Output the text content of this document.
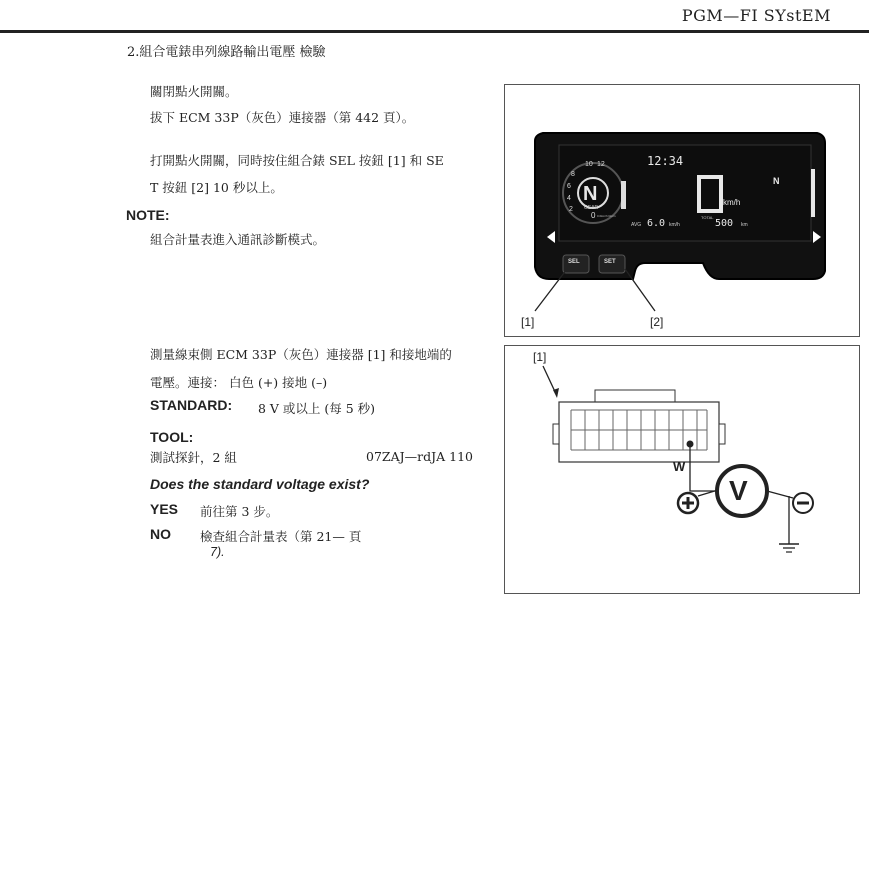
PGM—FI SYstEM
2.組合電錶串列線路輸出電壓 檢驗
關閉點火開關。
拔下 ECM 33P（灰色）連接器（第 442 頁）。
打開點火開關，同時按住組合錶 SEL 按鈕 [1] 和 SE
T 按鈕 [2] 10 秒以上。
NOTE:
組合計量表進入通訊診斷模式。
測量線束側 ECM 33P（灰色）連接器 [1] 和接地端的
電壓。連接： 白色 (+) 接地 (–)
STANDARD: 8 V 或以上 (每 5 秒)
TOOL:
測試探針，2 組	07ZAJ—rdJA 110
Does the standard voltage exist?
YES 前往第 3 步。
NO 檢查組合計量表（第 21— 頁
7).
12:34
N
GEAR
10 12
8
6
4
2
0 0.0km/h Rmin
km/h
AVG 6.0 km/h
TOTAL
500 km
N
SEL	SET
[1]	[2]
[1]
W
V
